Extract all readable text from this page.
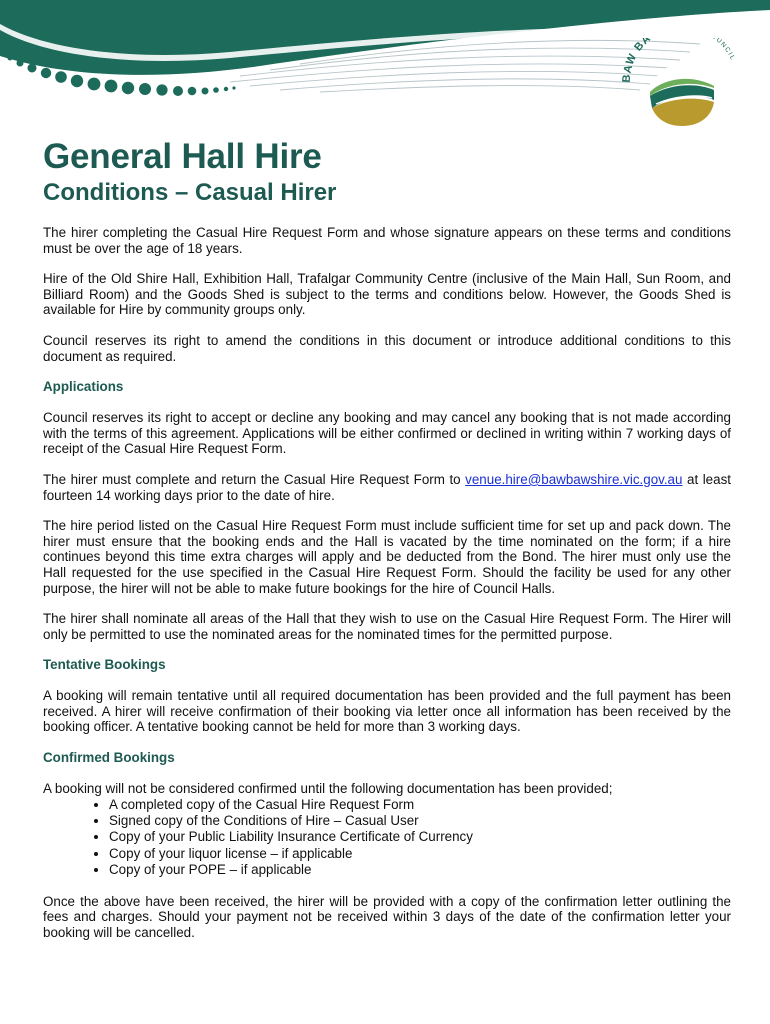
BAW BA	UNCIL
General Hall Hire
Conditions – Casual Hirer

The hirer completing the Casual Hire Request Form and whose signature appears on these terms and conditions must be over the age of 18 years.

Hire of the Old Shire Hall, Exhibition Hall, Trafalgar Community Centre (inclusive of the Main Hall, Sun Room, and Billiard Room) and the Goods Shed is subject to the terms and conditions below. However, the Goods Shed is available for Hire by community groups only.

Council reserves its right to amend the conditions in this document or introduce additional conditions to this document as required.

Applications

Council reserves its right to accept or decline any booking and may cancel any booking that is not made according with the terms of this agreement. Applications will be either confirmed or declined in writing within 7 working days of receipt of the Casual Hire Request Form.

The hirer must complete and return the Casual Hire Request Form to venue.hire@bawbawshire.vic.gov.au at least fourteen 14 working days prior to the date of hire.

The hire period listed on the Casual Hire Request Form must include sufficient time for set up and pack down. The hirer must ensure that the booking ends and the Hall is vacated by the time nominated on the form; if a hire continues beyond this time extra charges will apply and be deducted from the Bond. The hirer must only use the Hall requested for the use specified in the Casual Hire Request Form. Should the facility be used for any other purpose, the hirer will not be able to make future bookings for the hire of Council Halls.

The hirer shall nominate all areas of the Hall that they wish to use on the Casual Hire Request Form. The Hirer will only be permitted to use the nominated areas for the nominated times for the permitted purpose.

Tentative Bookings

A booking will remain tentative until all required documentation has been provided and the full payment has been received. A hirer will receive confirmation of their booking via letter once all information has been received by the booking officer. A tentative booking cannot be held for more than 3 working days.

Confirmed Bookings

A booking will not be considered confirmed until the following documentation has been provided;

• A completed copy of the Casual Hire Request Form
• Signed copy of the Conditions of Hire – Casual User
• Copy of your Public Liability Insurance Certificate of Currency
• Copy of your liquor license – if applicable
• Copy of your POPE – if applicable

Once the above have been received, the hirer will be provided with a copy of the confirmation letter outlining the fees and charges. Should your payment not be received within 3 days of the date of the confirmation letter your booking will be cancelled.
